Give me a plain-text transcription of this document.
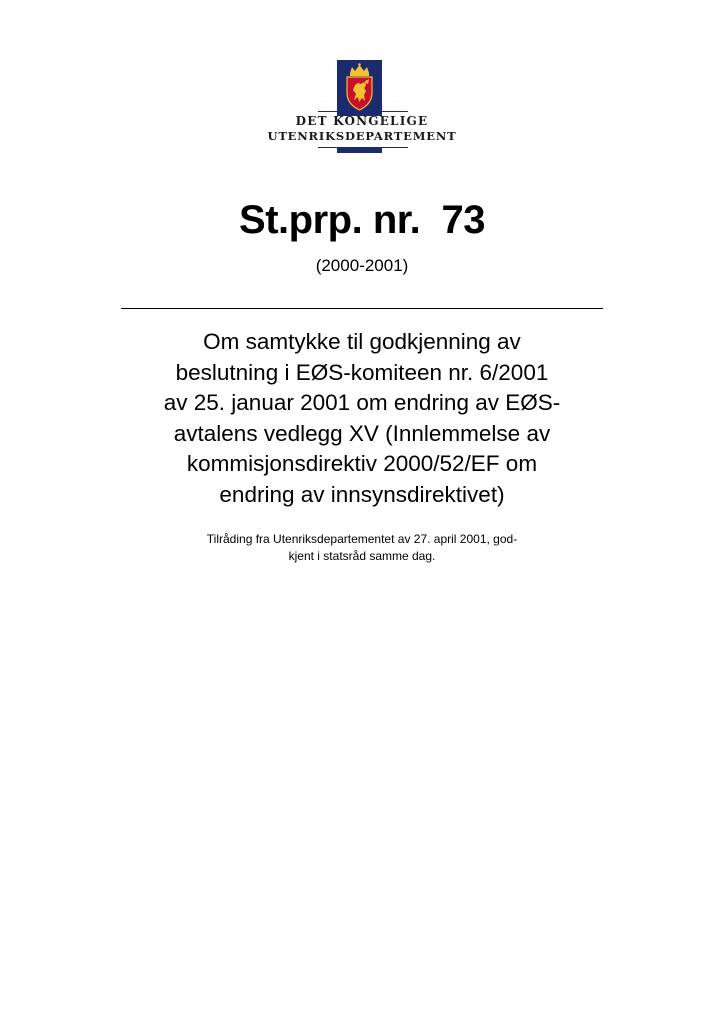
DET KONGELIGE
UTENRIKSDEPARTEMENT
St.prp. nr.  73
(2000-2001)
Om samtykke til godkjenning av
beslutning i EØS-komiteen nr. 6/2001
av 25. januar 2001 om endring av EØS-
avtalens vedlegg XV (Innlemmelse av
kommisjonsdirektiv 2000/52/EF om
endring av innsynsdirektivet)
Tilråding fra Utenriksdepartementet av 27. april 2001, god-
kjent i statsråd samme dag.
